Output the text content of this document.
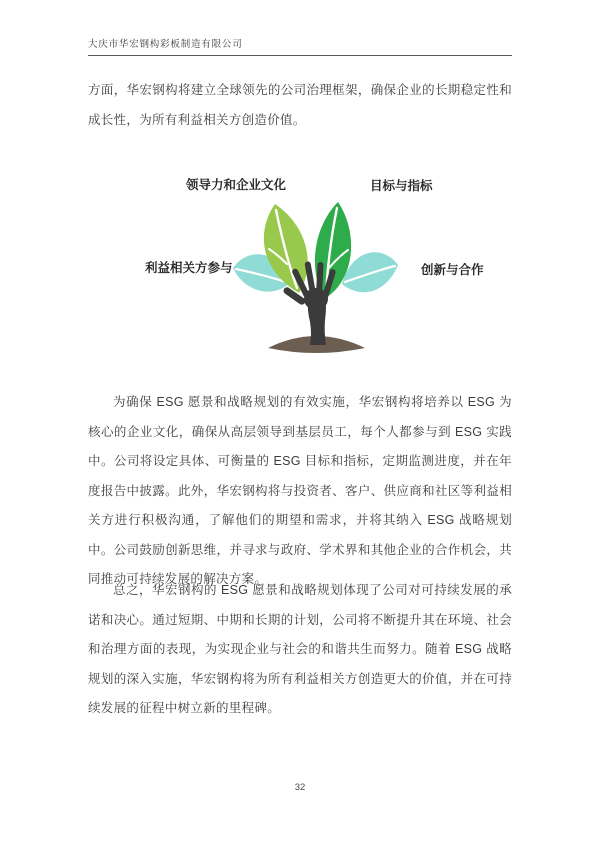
大庆市华宏钢构彩板制造有限公司

方面，华宏钢构将建立全球领先的公司治理框架，确保企业的长期稳定性和成长性，为所有利益相关方创造价值。

领导力和企业文化	目标与指标
利益相关方参与	创新与合作

为确保 ESG 愿景和战略规划的有效实施，华宏钢构将培养以 ESG 为核心的企业文化，确保从高层领导到基层员工，每个人都参与到 ESG 实践中。公司将设定具体、可衡量的 ESG 目标和指标，定期监测进度，并在年度报告中披露。此外，华宏钢构将与投资者、客户、供应商和社区等利益相关方进行积极沟通，了解他们的期望和需求，并将其纳入 ESG 战略规划中。公司鼓励创新思维，并寻求与政府、学术界和其他企业的合作机会，共同推动可持续发展的解决方案。

总之，华宏钢构的 ESG 愿景和战略规划体现了公司对可持续发展的承诺和决心。通过短期、中期和长期的计划，公司将不断提升其在环境、社会和治理方面的表现，为实现企业与社会的和谐共生而努力。随着 ESG 战略规划的深入实施，华宏钢构将为所有利益相关方创造更大的价值，并在可持续发展的征程中树立新的里程碑。

32
